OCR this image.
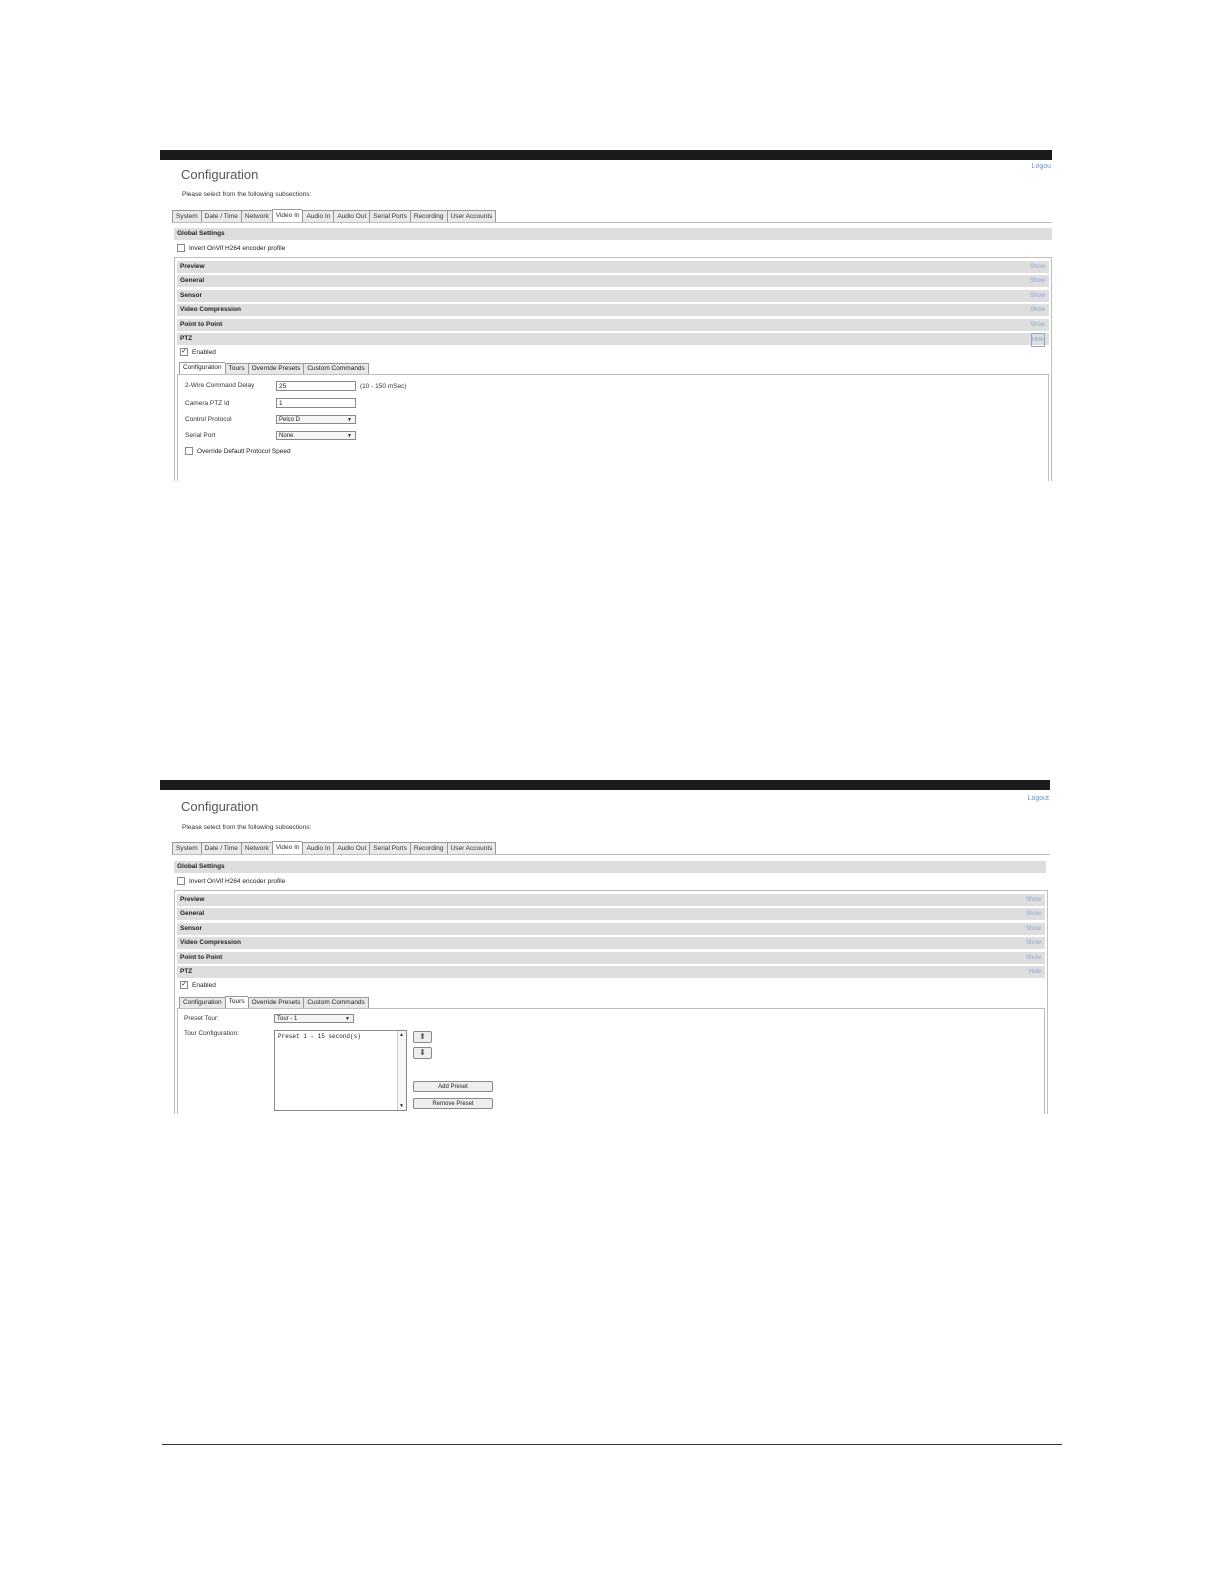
Configuration
Logou
Please select from the following subsections:
System	Date / Time	Network	Video In	Audio In	Audio Out	Serial Ports	Recording	User Accounts
Global Settings
Invert OnVif H264 encoder profile
Preview	Show
General	Show
Sensor	Show
Video Compression	Show
Point to Point	Show
PTZ	Hide
✓ Enabled
Configuration	Tours	Override Presets	Custom Commands
2-Wire Command Delay	25	(10 - 150 mSec)
Camera PTZ Id	1
Control Protocol	Pelco D	▼
Serial Port	None	▼
Override Default Protocol Speed
Configuration
Logout
Please select from the following subsections:
System	Date / Time	Network	Video In	Audio In	Audio Out	Serial Ports	Recording	User Accounts
Global Settings
Invert OnVif H264 encoder profile
Preview	Show
General	Show
Sensor	Show
Video Compression	Show
Point to Point	Show
PTZ	Hide
✓ Enabled
Configuration	Tours	Override Presets	Custom Commands
Preset Tour:	Tour - 1	▼
Tour Configuration:	Preset 1 - 15 second(s)	▲
▼
⬆
⬇
Add Preset
Remove Preset
